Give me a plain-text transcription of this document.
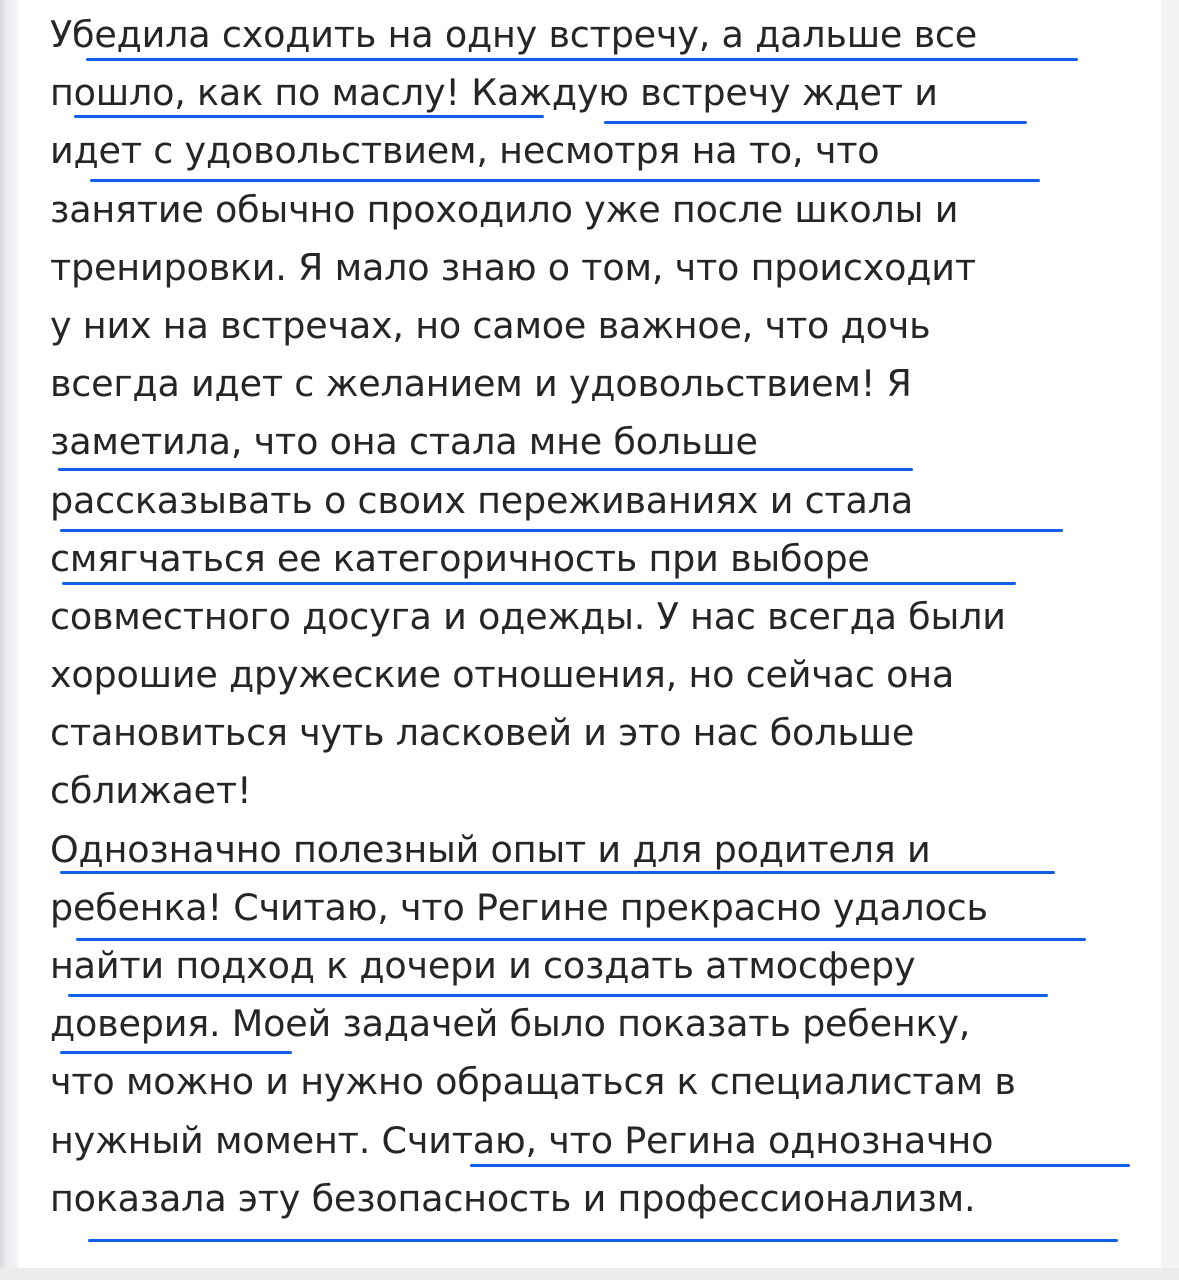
Убедила сходить на одну встречу, а дальше все
пошло, как по маслу! Каждую встречу ждет и
идет с удовольствием, несмотря на то, что
занятие обычно проходило уже после школы и
тренировки. Я мало знаю о том, что происходит
у них на встречах, но самое важное, что дочь
всегда идет с желанием и удовольствием! Я
заметила, что она стала мне больше
рассказывать о своих переживаниях и стала
смягчаться ее категоричность при выборе
совместного досуга и одежды. У нас всегда были
хорошие дружеские отношения, но сейчас она
становиться чуть ласковей и это нас больше
сближает!
Однозначно полезный опыт и для родителя и
ребенка! Считаю, что Регине прекрасно удалось
найти подход к дочери и создать атмосферу
доверия. Моей задачей было показать ребенку,
что можно и нужно обращаться к специалистам в
нужный момент. Считаю, что Регина однозначно
показала эту безопасность и профессионализм.
